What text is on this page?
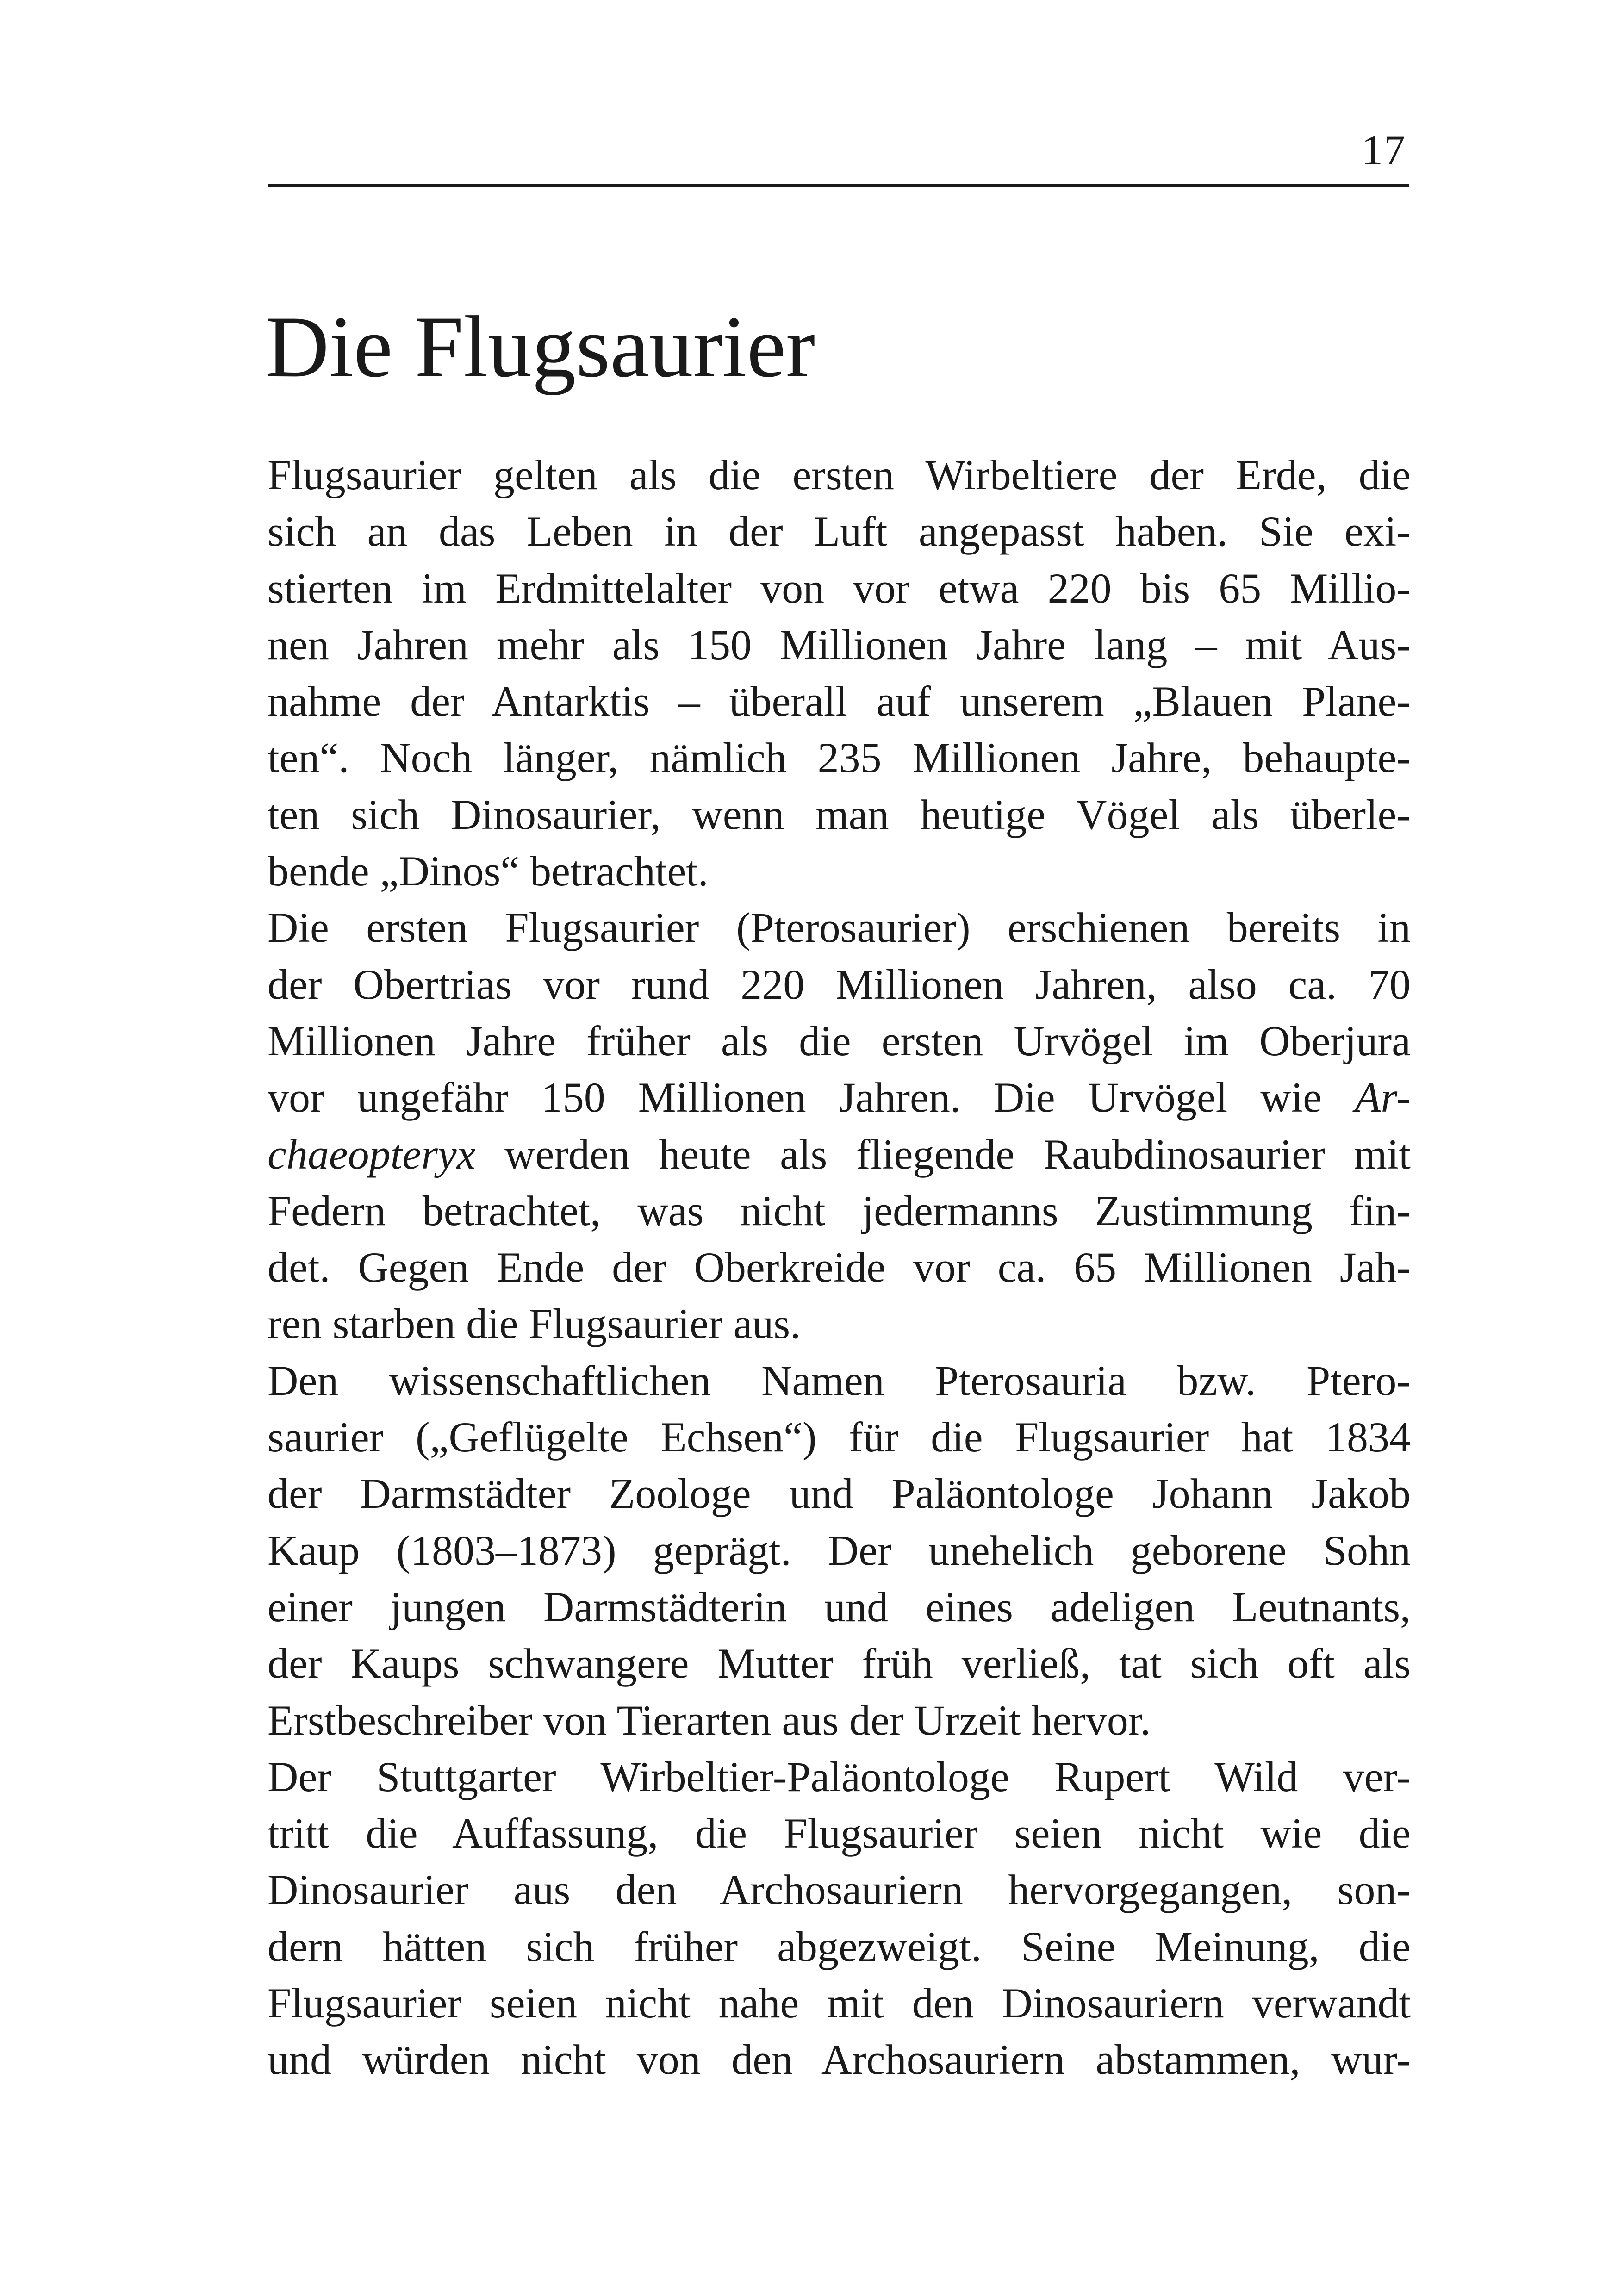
17
Die Flugsaurier
Flugsaurier gelten als die ersten Wirbeltiere der Erde, die
sich an das Leben in der Luft angepasst haben. Sie exi-
stierten im Erdmittelalter von vor etwa 220 bis 65 Millio-
nen Jahren mehr als 150 Millionen Jahre lang – mit Aus-
nahme der Antarktis – überall auf unserem „Blauen Plane-
ten“. Noch länger, nämlich 235 Millionen Jahre, behaupte-
ten sich Dinosaurier, wenn man heutige Vögel als überle-
bende „Dinos“ betrachtet.
Die ersten Flugsaurier (Pterosaurier) erschienen bereits in
der Obertrias vor rund 220 Millionen Jahren, also ca. 70
Millionen Jahre früher als die ersten Urvögel im Oberjura
vor ungefähr 150 Millionen Jahren. Die Urvögel wie Ar-
chaeopteryx werden heute als fliegende Raubdinosaurier mit
Federn betrachtet, was nicht jedermanns Zustimmung fin-
det. Gegen Ende der Oberkreide vor ca. 65 Millionen Jah-
ren starben die Flugsaurier aus.
Den wissenschaftlichen Namen Pterosauria bzw. Ptero-
saurier („Geflügelte Echsen“) für die Flugsaurier hat 1834
der Darmstädter Zoologe und Paläontologe Johann Jakob
Kaup (1803–1873) geprägt. Der unehelich geborene Sohn
einer jungen Darmstädterin und eines adeligen Leutnants,
der Kaups schwangere Mutter früh verließ, tat sich oft als
Erstbeschreiber von Tierarten aus der Urzeit hervor.
Der Stuttgarter Wirbeltier-Paläontologe Rupert Wild ver-
tritt die Auffassung, die Flugsaurier seien nicht wie die
Dinosaurier aus den Archosauriern hervorgegangen, son-
dern hätten sich früher abgezweigt. Seine Meinung, die
Flugsaurier seien nicht nahe mit den Dinosauriern verwandt
und würden nicht von den Archosauriern abstammen, wur-
